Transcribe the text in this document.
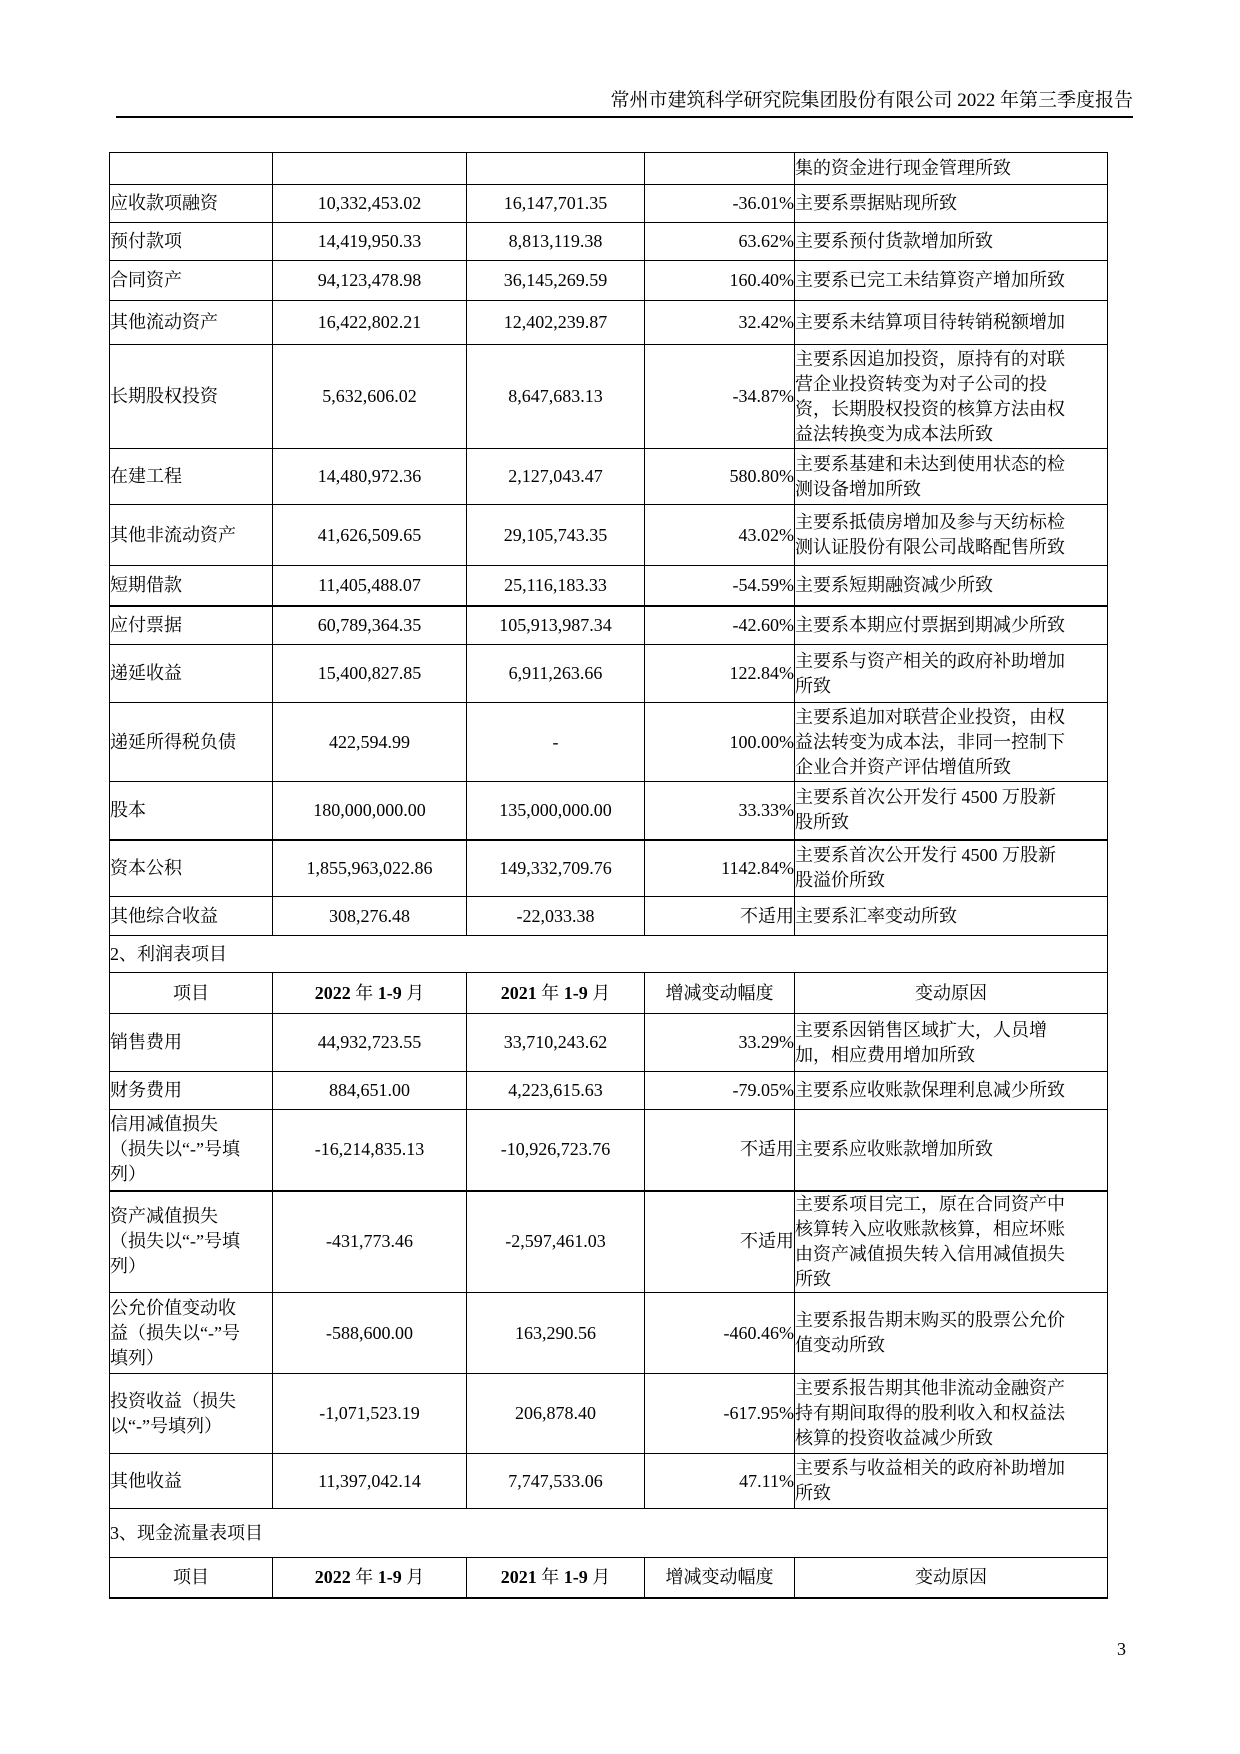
常州市建筑科学研究院集团股份有限公司 2022 年第三季度报告
				集的资金进行现金管理所致
应收款项融资	10,332,453.02	16,147,701.35	-36.01%	主要系票据贴现所致
预付款项	14,419,950.33	8,813,119.38	63.62%	主要系预付货款增加所致
合同资产	94,123,478.98	36,145,269.59	160.40%	主要系已完工未结算资产增加所致
其他流动资产	16,422,802.21	12,402,239.87	32.42%	主要系未结算项目待转销税额增加
长期股权投资	5,632,606.02	8,647,683.13	-34.87%	主要系因追加投资，原持有的对联
营企业投资转变为对子公司的投
资，长期股权投资的核算方法由权
益法转换变为成本法所致
在建工程	14,480,972.36	2,127,043.47	580.80%	主要系基建和未达到使用状态的检
测设备增加所致
其他非流动资产	41,626,509.65	29,105,743.35	43.02%	主要系抵债房增加及参与天纺标检
测认证股份有限公司战略配售所致
短期借款	11,405,488.07	25,116,183.33	-54.59%	主要系短期融资减少所致
应付票据	60,789,364.35	105,913,987.34	-42.60%	主要系本期应付票据到期减少所致
递延收益	15,400,827.85	6,911,263.66	122.84%	主要系与资产相关的政府补助增加
所致
递延所得税负债	422,594.99	-	100.00%	主要系追加对联营企业投资，由权
益法转变为成本法，非同一控制下
企业合并资产评估增值所致
股本	180,000,000.00	135,000,000.00	33.33%	主要系首次公开发行 4500 万股新
股所致
资本公积	1,855,963,022.86	149,332,709.76	1142.84%	主要系首次公开发行 4500 万股新
股溢价所致
其他综合收益	308,276.48	-22,033.38	不适用	主要系汇率变动所致
2、利润表项目				
项目	2022 年 1-9 月	2021 年 1-9 月	增减变动幅度	变动原因
销售费用	44,932,723.55	33,710,243.62	33.29%	主要系因销售区域扩大，人员增
加，相应费用增加所致
财务费用	884,651.00	4,223,615.63	-79.05%	主要系应收账款保理利息减少所致
信用减值损失
（损失以“-”号填
列）	-16,214,835.13	-10,926,723.76	不适用	主要系应收账款增加所致
资产减值损失
（损失以“-”号填
列）	-431,773.46	-2,597,461.03	不适用	主要系项目完工，原在合同资产中
核算转入应收账款核算，相应坏账
由资产减值损失转入信用减值损失
所致
公允价值变动收
益（损失以“-”号
填列）	-588,600.00	163,290.56	-460.46%	主要系报告期末购买的股票公允价
值变动所致
投资收益（损失
以“-”号填列）	-1,071,523.19	206,878.40	-617.95%	主要系报告期其他非流动金融资产
持有期间取得的股利收入和权益法
核算的投资收益减少所致
其他收益	11,397,042.14	7,747,533.06	47.11%	主要系与收益相关的政府补助增加
所致
3、现金流量表项目				
项目	2022 年 1-9 月	2021 年 1-9 月	增减变动幅度	变动原因
3
